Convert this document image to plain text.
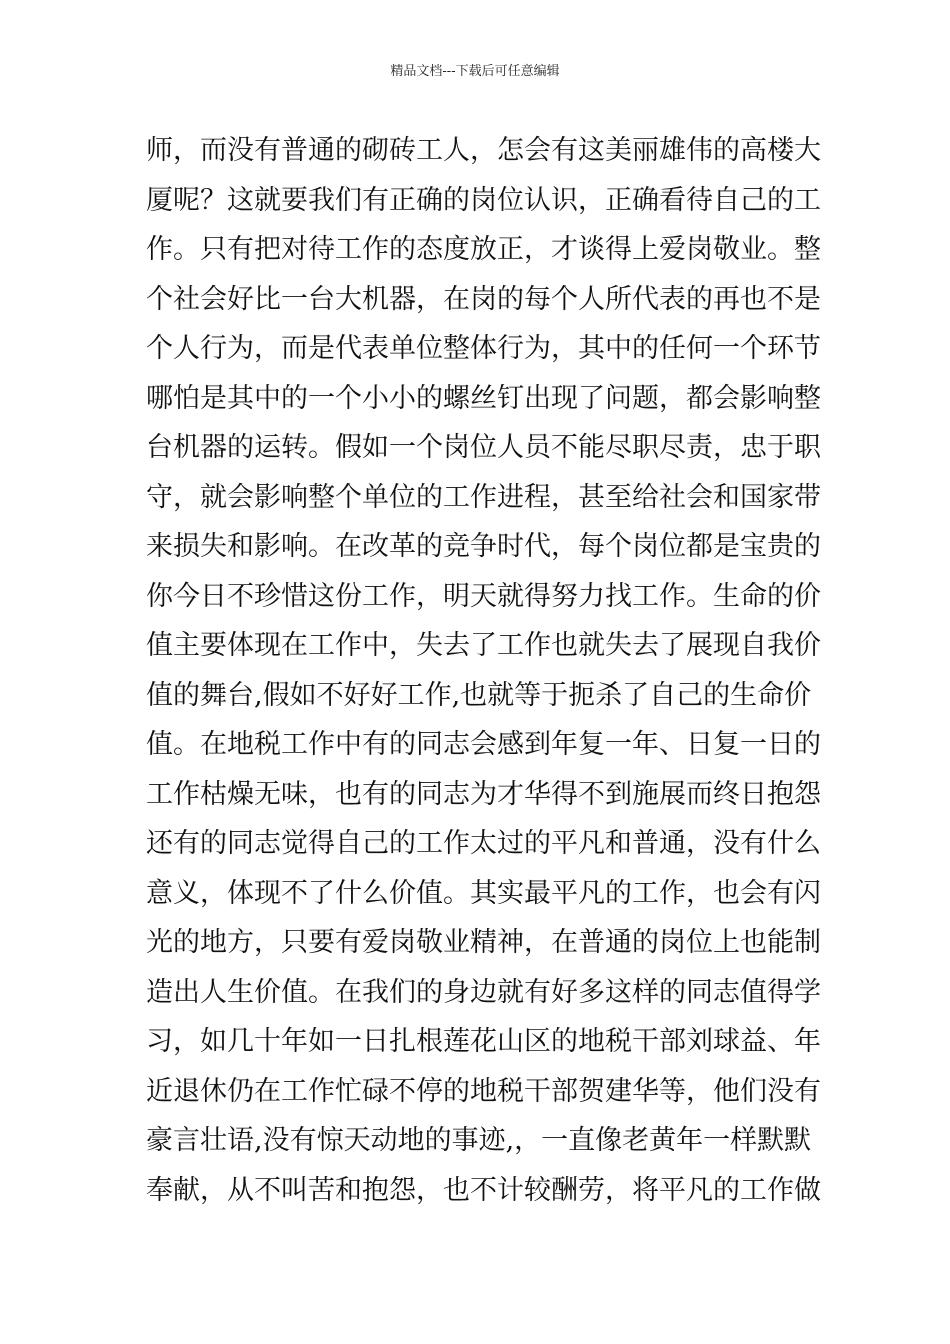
精品文档---下载后可任意编辑
师，而没有普通的砌砖工人，怎会有这美丽雄伟的高楼大
厦呢？这就要我们有正确的岗位认识，正确看待自己的工
作。只有把对待工作的态度放正，才谈得上爱岗敬业。整
个社会好比一台大机器，在岗的每个人所代表的再也不是
个人行为，而是代表单位整体行为，其中的任何一个环节
哪怕是其中的一个小小的螺丝钉出现了问题，都会影响整
台机器的运转。假如一个岗位人员不能尽职尽责，忠于职
守，就会影响整个单位的工作进程，甚至给社会和国家带
来损失和影响。在改革的竞争时代，每个岗位都是宝贵的
你今日不珍惜这份工作，明天就得努力找工作。生命的价
值主要体现在工作中，失去了工作也就失去了展现自我价
值的舞台,假如不好好工作,也就等于扼杀了自己的生命价
值。在地税工作中有的同志会感到年复一年、日复一日的
工作枯燥无味，也有的同志为才华得不到施展而终日抱怨
还有的同志觉得自己的工作太过的平凡和普通，没有什么
意义，体现不了什么价值。其实最平凡的工作，也会有闪
光的地方，只要有爱岗敬业精神，在普通的岗位上也能制
造出人生价值。在我们的身边就有好多这样的同志值得学
习，如几十年如一日扎根莲花山区的地税干部刘球益、年
近退休仍在工作忙碌不停的地税干部贺建华等，他们没有
豪言壮语,没有惊天动地的事迹,，一直像老黄年一样默默
奉献，从不叫苦和抱怨，也不计较酬劳，将平凡的工作做
